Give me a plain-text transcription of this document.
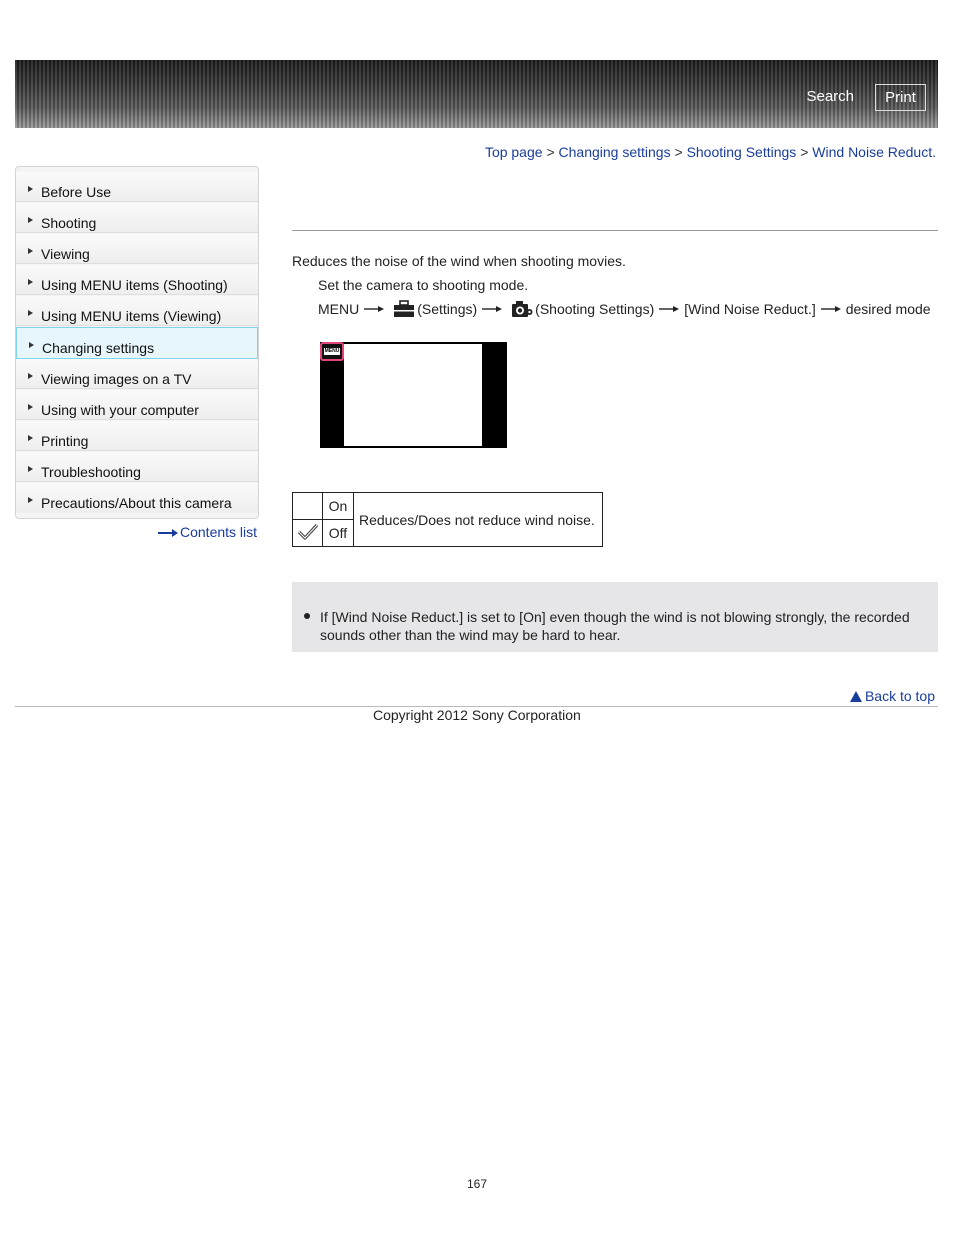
Search	Print
Top page > Changing settings > Shooting Settings > Wind Noise Reduct.
Before Use
Shooting
Viewing
Using MENU items (Shooting)
Using MENU items (Viewing)
Changing settings
Viewing images on a TV
Using with your computer
Printing
Troubleshooting
Precautions/About this camera
Contents list
Reduces the noise of the wind when shooting movies.
Set the camera to shooting mode.
MENU	(Settings)	(Shooting Settings) [Wind Noise Reduct.] desired mode
MENU
	On	Reduces/Does not reduce wind noise.
	Off	
If [Wind Noise Reduct.] is set to [On] even though the wind is not blowing strongly, the recorded sounds other than the wind may be hard to hear.
Back to top
Copyright 2012 Sony Corporation
167
